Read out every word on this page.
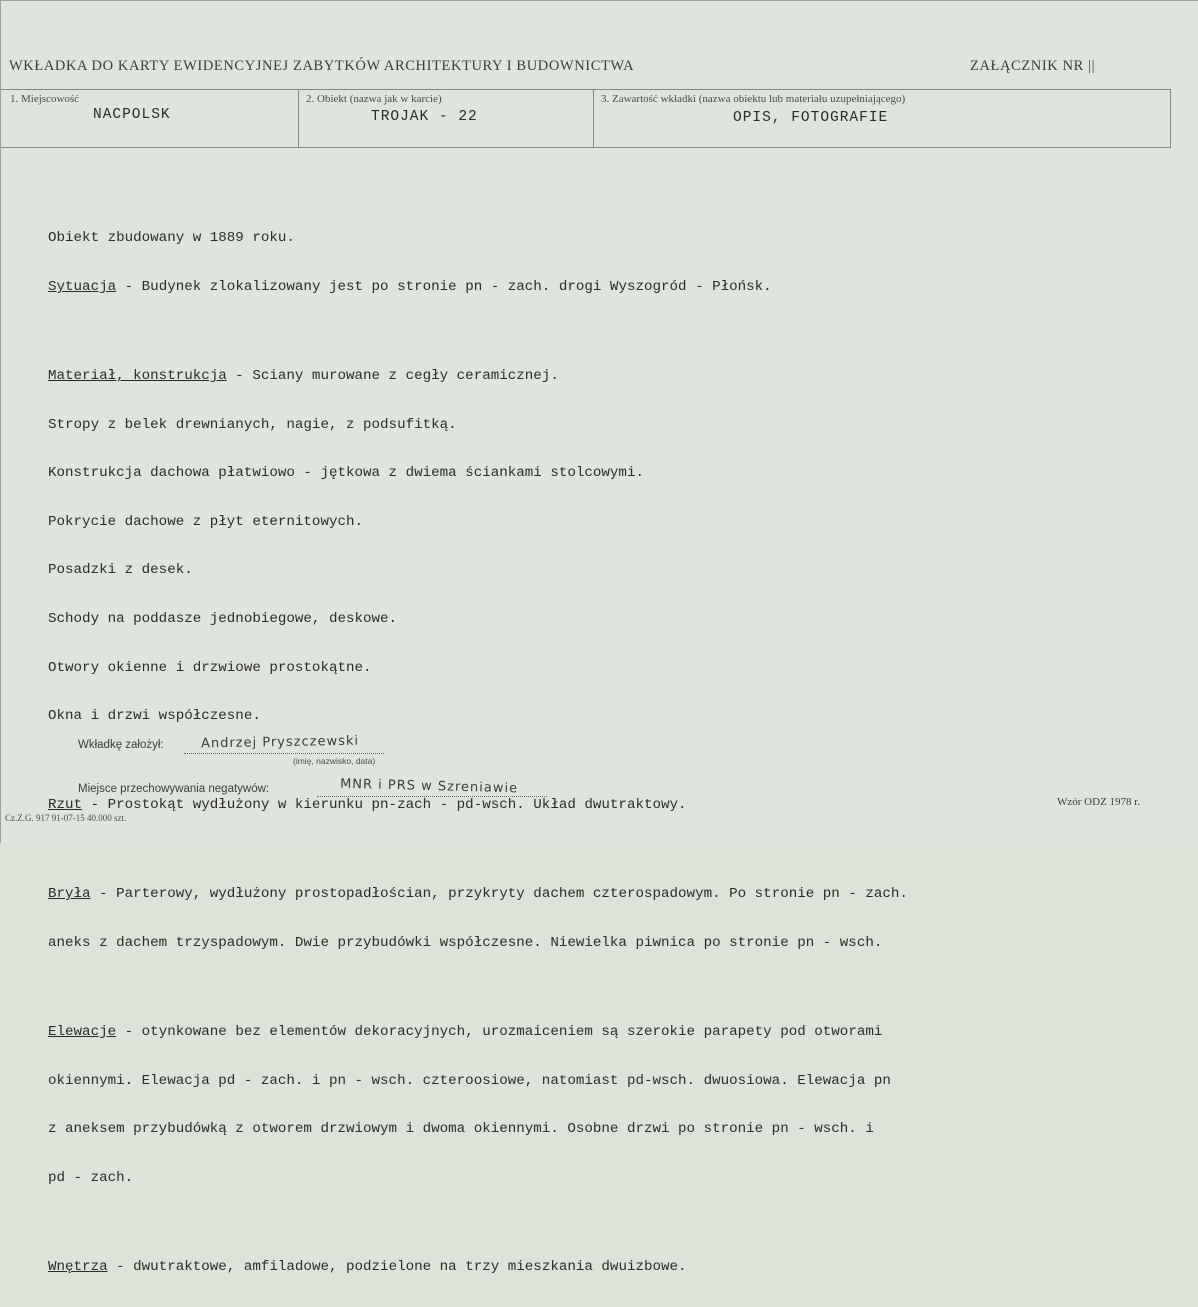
WKŁADKA DO KARTY EWIDENCYJNEJ ZABYTKÓW ARCHITEKTURY I BUDOWNICTWA	ZAŁĄCZNIK NR ||
1. Miejscowość
NACPOLSK
2. Obiekt (nazwa jak w karcie)
TROJAK - 22
3. Zawartość wkładki (nazwa obiektu lub materiału uzupełniającego)
OPIS, FOTOGRAFIE

Obiekt zbudowany w 1889 roku.

Sytuacja - Budynek zlokalizowany jest po stronie pn - zach. drogi Wyszogród - Płońsk.

Materiał, konstrukcja - Sciany murowane z cegły ceramicznej.

Stropy z belek drewnianych, nagie, z podsufitką.

Konstrukcja dachowa płatwiowo - jętkowa z dwiema ściankami stolcowymi.

Pokrycie dachowe z płyt eternitowych.

Posadzki z desek.

Schody na poddasze jednobiegowe, deskowe.

Otwory okienne i drzwiowe prostokątne.

Okna i drzwi współczesne.

Rzut - Prostokąt wydłużony w kierunku pn-zach - pd-wsch. Układ dwutraktowy.

Bryła - Parterowy, wydłużony prostopadłościan, przykryty dachem czterospadowym. Po stronie pn - zach.

aneks z dachem trzyspadowym. Dwie przybudówki współczesne. Niewielka piwnica po stronie pn - wsch.

Elewacje - otynkowane bez elementów dekoracyjnych, urozmaiceniem są szerokie parapety pod otworami

okiennymi. Elewacja pd - zach. i pn - wsch. czteroosiowe, natomiast pd-wsch. dwuosiowa. Elewacja pn

z aneksem przybudówką z otworem drzwiowym i dwoma okiennymi. Osobne drzwi po stronie pn - wsch. i

pd - zach.

Wnętrza - dwutraktowe, amfiladowe, podzielone na trzy mieszkania dwuizbowe.

Wkładkę założył:	Andrzej Pryszczewski
(imię, nazwisko, data)
Miejsce przechowywania negatywów:	MNR i PRS w Szreniawie
Cz.Z.G. 917 91-07-15 40.000 szt.
Wzór ODZ 1978 r.
